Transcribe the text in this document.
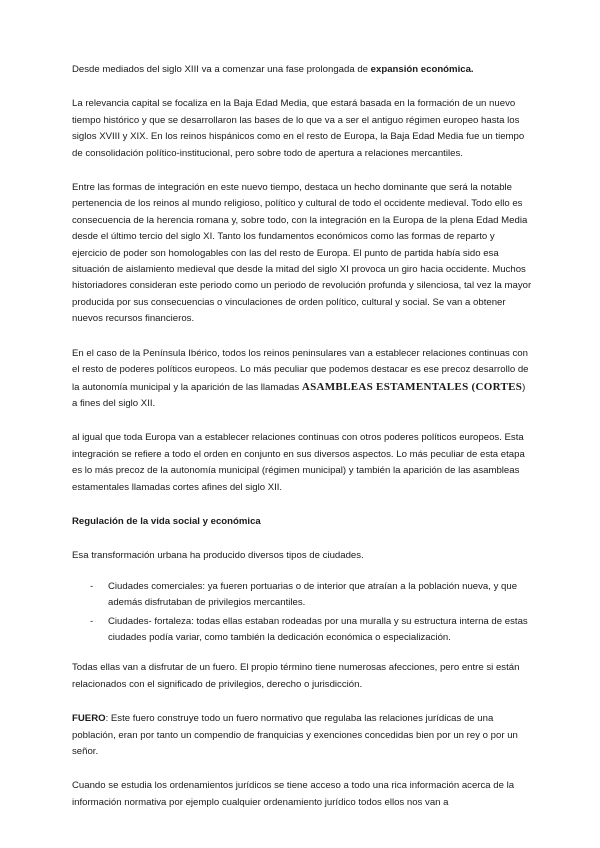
Desde mediados del siglo XIII va a comenzar una fase prolongada de expansión económica.

La relevancia capital se focaliza en la Baja Edad Media, que estará basada en la formación de un nuevo tiempo histórico y que se desarrollaron las bases de lo que va a ser el antiguo régimen europeo hasta los siglos XVIII y XIX. En los reinos hispánicos como en el resto de Europa, la Baja Edad Media fue un tiempo de consolidación político-institucional, pero sobre todo de apertura a relaciones mercantiles.

Entre las formas de integración en este nuevo tiempo, destaca un hecho dominante que será la notable pertenencia de los reinos al mundo religioso, político y cultural de todo el occidente medieval. Todo ello es consecuencia de la herencia romana y, sobre todo, con la integración en la Europa de la plena Edad Media desde el último tercio del siglo XI. Tanto los fundamentos económicos como las formas de reparto y ejercicio de poder son homologables con las del resto de Europa. El punto de partida había sido esa situación de aislamiento medieval que desde la mitad del siglo XI provoca un giro hacia occidente. Muchos historiadores consideran este periodo como un periodo de revolución profunda y silenciosa, tal vez la mayor producida por sus consecuencias o vinculaciones de orden político, cultural y social. Se van a obtener nuevos recursos financieros.

En el caso de la Península Ibérico, todos los reinos peninsulares van a establecer relaciones continuas con el resto de poderes políticos europeos. Lo más peculiar que podemos destacar es ese precoz desarrollo de la autonomía municipal y la aparición de las llamadas ASAMBLEAS ESTAMENTALES (CORTES) a fines del siglo XII.

al igual que toda Europa van a establecer relaciones continuas con otros poderes políticos europeos. Esta integración se refiere a todo el orden en conjunto en sus diversos aspectos. Lo más peculiar de esta etapa es lo más precoz de la autonomía municipal (régimen municipal) y también la aparición de las asambleas estamentales llamadas cortes afines del siglo XII.

Regulación de la vida social y económica

Esa transformación urbana ha producido diversos tipos de ciudades.

- Ciudades comerciales: ya fueren portuarias o de interior que atraían a la población nueva, y que además disfrutaban de privilegios mercantiles.
- Ciudades- fortaleza: todas ellas estaban rodeadas por una muralla y su estructura interna de estas ciudades podía variar, como también la dedicación económica o especialización.

Todas ellas van a disfrutar de un fuero. El propio término tiene numerosas afecciones, pero entre si están relacionados con el significado de privilegios, derecho o jurisdicción.

FUERO: Este fuero construye todo un fuero normativo que regulaba las relaciones jurídicas de una población, eran por tanto un compendio de franquicias y exenciones concedidas bien por un rey o por un señor.

Cuando se estudia los ordenamientos jurídicos se tiene acceso a todo una rica información acerca de la información normativa por ejemplo cualquier ordenamiento jurídico todos ellos nos van a
